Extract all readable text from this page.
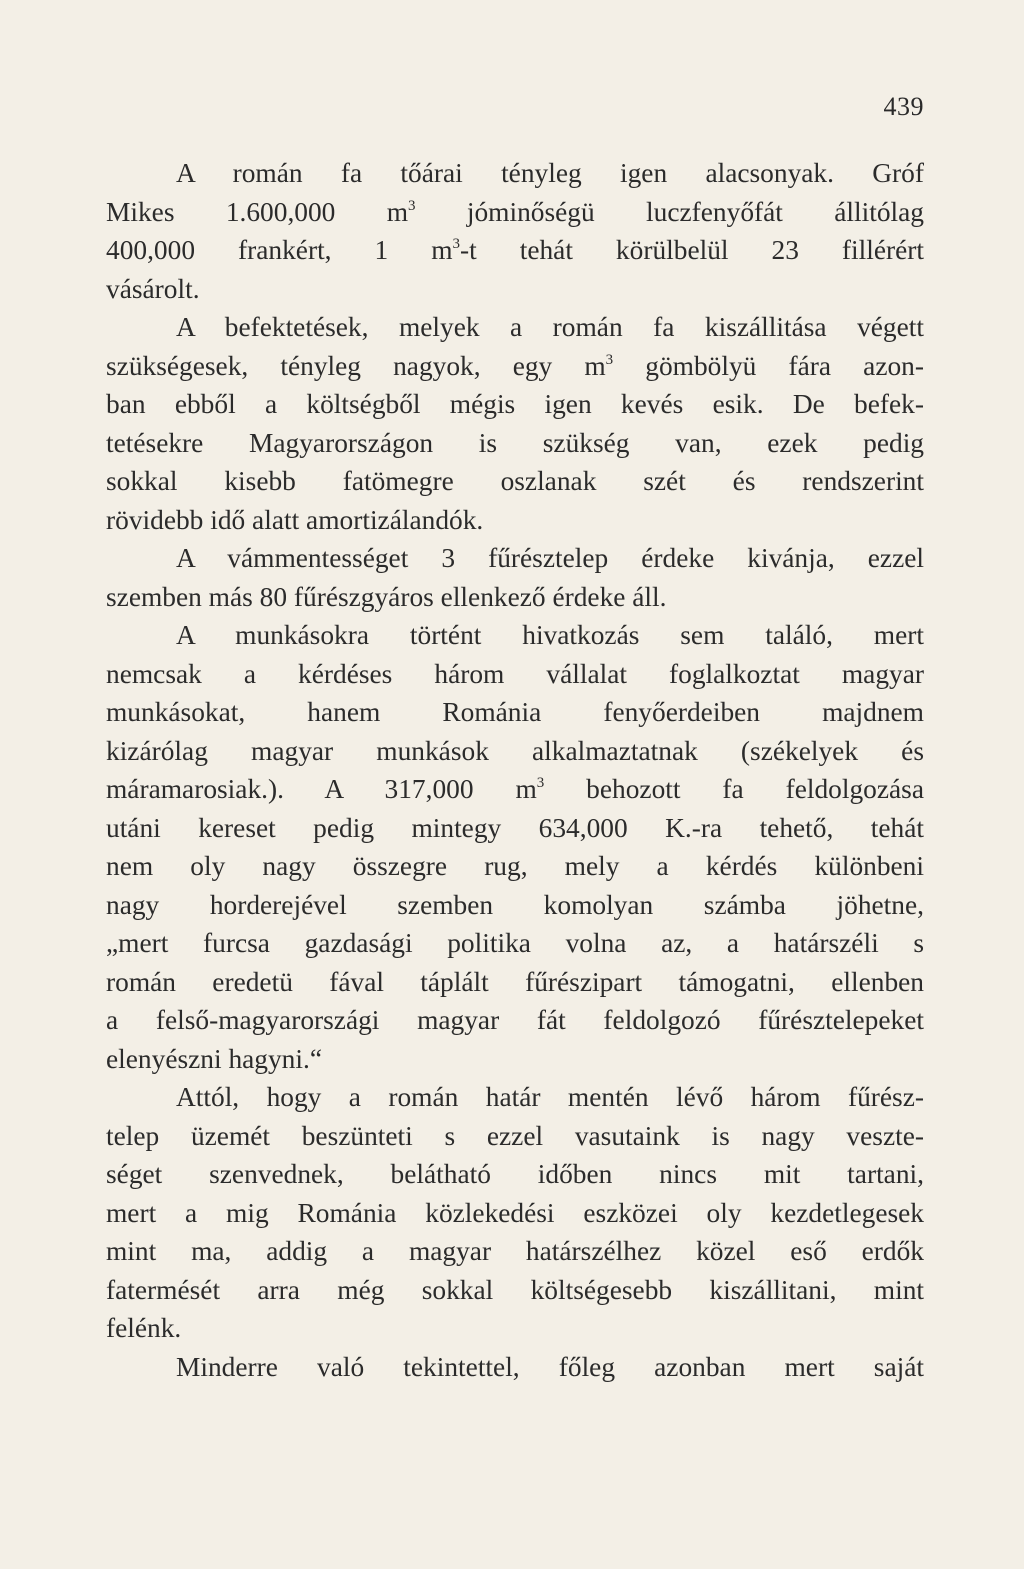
439
A román fa tőárai tényleg igen alacsonyak. Gróf
Mikes 1.600,000 $m^3$ jóminőségü luczfenyőfát állitólag
400,000 frankért, 1 $m^3-t$ tehát körülbelül 23 fillérért
vásárolt.
A befektetések, melyek a román fa kiszállitása végett
szükségesek, tényleg nagyok, egy $m^3$ gömbölyü fára azon-
ban ebből a költségből mégis igen kevés esik. De befek-
tetésekre Magyarországon is szükség van, ezek pedig
sokkal kisebb fatömegre oszlanak szét és rendszerint
rövidebb idő alatt amortizálandók.
A vámmentességet 3 fűrésztelep érdeke kivánja, ezzel
szemben más 80 fűrészgyáros ellenkező érdeke áll.
A munkásokra történt hivatkozás sem találó, mert
nemcsak a kérdéses három vállalat foglalkoztat magyar
munkásokat, hanem Románia fenyőerdeiben majdnem
kizárólag magyar munkások alkalmaztatnak (székelyek és
máramarosiak.). A 317,000 $m^3$ behozott fa feldolgozása
utáni kereset pedig mintegy 634,000 K.-ra tehető, tehát
nem oly nagy összegre rug, mely a kérdés különbeni
nagy horderejével szemben komolyan számba jöhetne,
„mert furcsa gazdasági politika volna az, a határszéli s
román eredetü fával táplált fűrészipart támogatni, ellenben
a felső-magyarországi magyar fát feldolgozó fűrésztelepeket
elenyészni hagyni.“
Attól, hogy a román határ mentén lévő három fűrész-
telep üzemét beszünteti s ezzel vasutaink is nagy veszte-
séget szenvednek, belátható időben nincs mit tartani,
mert a mig Románia közlekedési eszközei oly kezdetlegesek
mint ma, addig a magyar határszélhez közel eső erdők
fatermését arra még sokkal költségesebb kiszállitani, mint
felénk.
Minderre való tekintettel, főleg azonban mert saját
